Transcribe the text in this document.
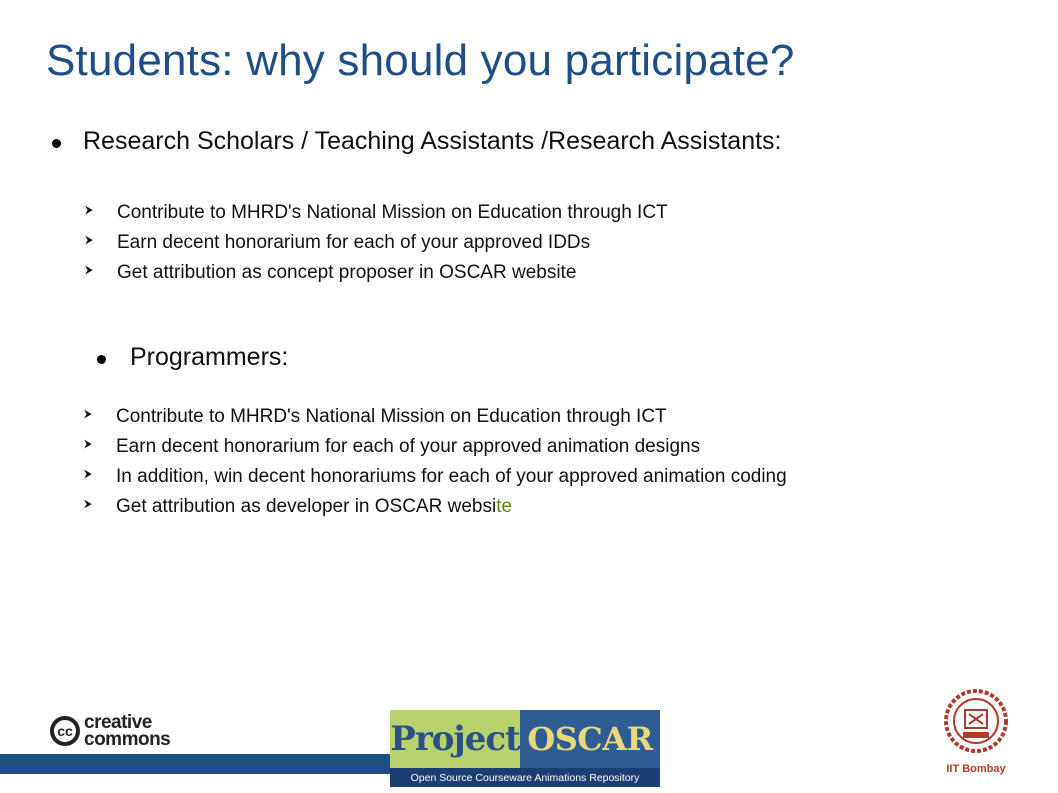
Students: why should you participate?
Research Scholars / Teaching Assistants /Research Assistants:
⮞ Contribute to MHRD's National Mission on Education through ICT
⮞ Earn decent honorarium for each of your approved IDDs
⮞ Get attribution as concept proposer in OSCAR website
Programmers:
⮞ Contribute to MHRD's National Mission on Education through ICT
⮞ Earn decent honorarium for each of your approved animation designs
⮞ In addition, win decent honorariums for each of your approved animation coding
⮞ Get attribution as developer in OSCAR website
cc creative
commons	Project OSCAR
Open Source Courseware Animations Repository
IIT Bombay
